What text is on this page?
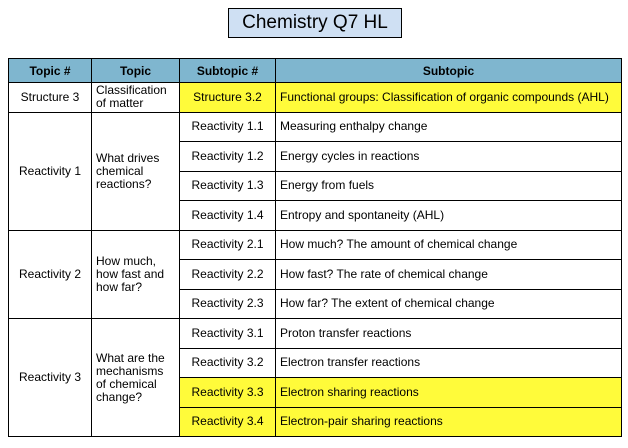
Chemistry Q7 HL
Topic #	Topic	Subtopic #	Subtopic
Structure 3	Classification of matter	Structure 3.2	Functional groups: Classification of organic compounds (AHL)
Reactivity 1	What drives chemical reactions?	Reactivity 1.1	Measuring enthalpy change
		Reactivity 1.2	Energy cycles in reactions
		Reactivity 1.3	Energy from fuels
		Reactivity 1.4	Entropy and spontaneity (AHL)
Reactivity 2	How much, how fast and how far?	Reactivity 2.1	How much? The amount of chemical change
		Reactivity 2.2	How fast? The rate of chemical change
		Reactivity 2.3	How far? The extent of chemical change
Reactivity 3	What are the mechanisms of chemical change?	Reactivity 3.1	Proton transfer reactions
		Reactivity 3.2	Electron transfer reactions
		Reactivity 3.3	Electron sharing reactions
		Reactivity 3.4	Electron-pair sharing reactions
